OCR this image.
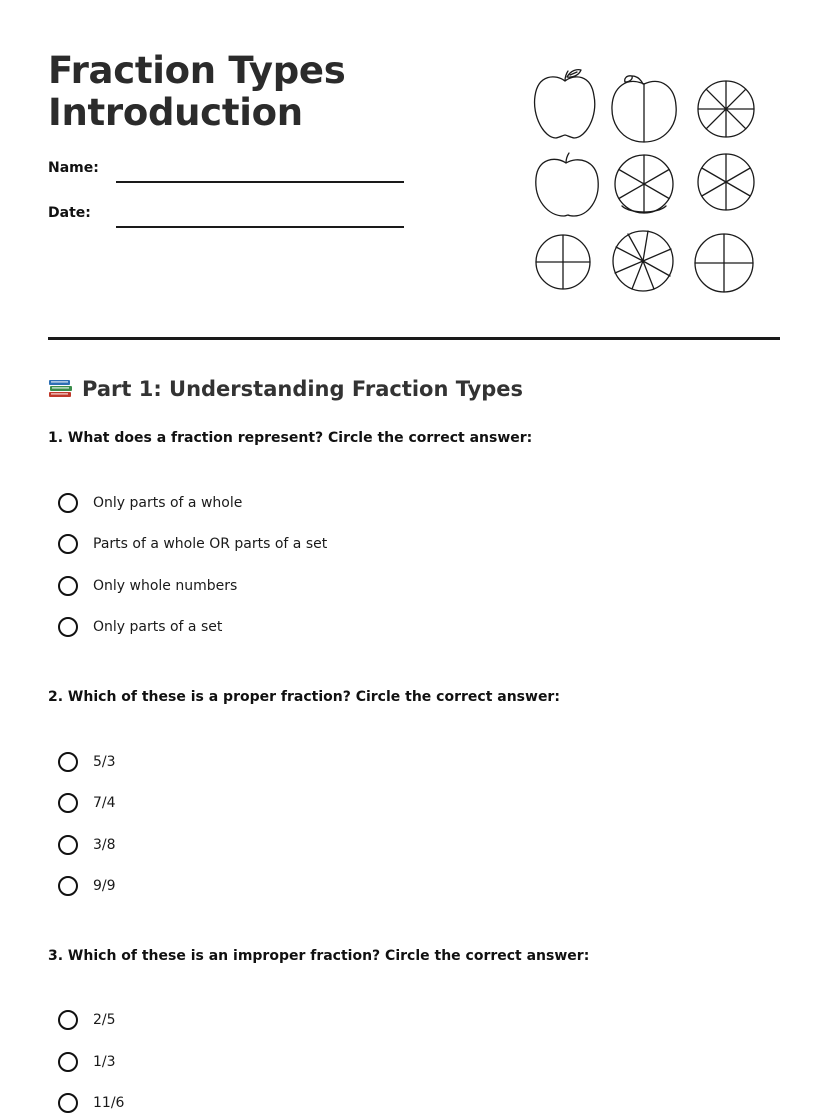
Fraction Types
Introduction
Name:
Date:
Part 1: Understanding Fraction Types

1. What does a fraction represent? Circle the correct answer:

Only parts of a whole
Parts of a whole OR parts of a set
Only whole numbers
Only parts of a set

2. Which of these is a proper fraction? Circle the correct answer:

5/3
7/4
3/8
9/9

3. Which of these is an improper fraction? Circle the correct answer:

2/5
1/3
11/6
